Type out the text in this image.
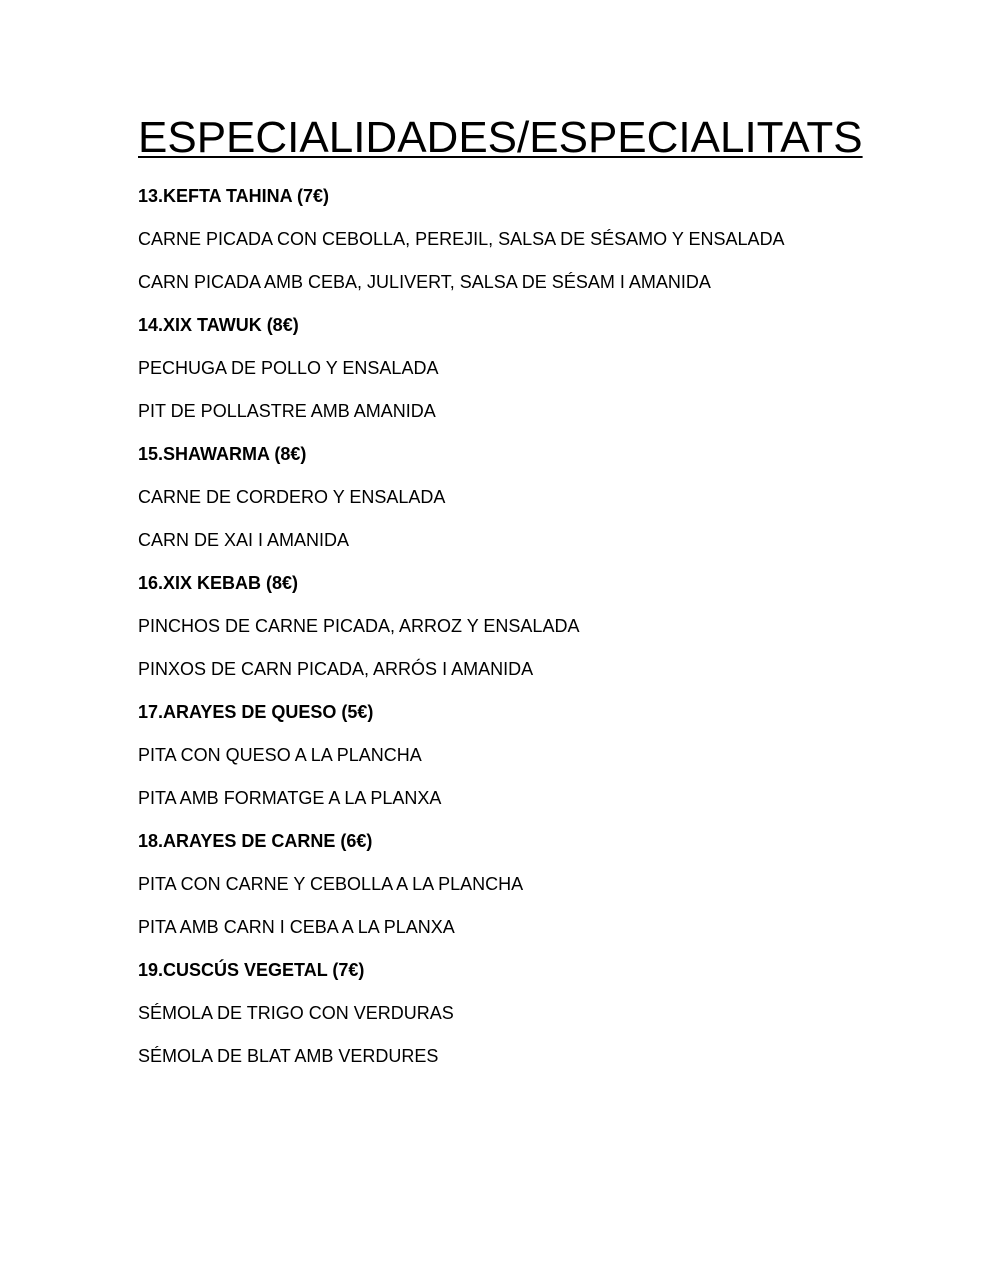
ESPECIALIDADES/ESPECIALITATS
13.KEFTA TAHINA (7€)
CARNE PICADA CON CEBOLLA, PEREJIL, SALSA DE SÉSAMO Y ENSALADA
CARN PICADA AMB CEBA, JULIVERT, SALSA DE SÉSAM I AMANIDA
14.XIX TAWUK (8€)
PECHUGA DE POLLO Y ENSALADA
PIT DE POLLASTRE AMB AMANIDA
15.SHAWARMA (8€)
CARNE DE CORDERO Y ENSALADA
CARN DE XAI I AMANIDA
16.XIX KEBAB (8€)
PINCHOS DE CARNE PICADA, ARROZ Y ENSALADA
PINXOS DE CARN PICADA, ARRÓS I AMANIDA
17.ARAYES DE QUESO (5€)
PITA CON QUESO A LA PLANCHA
PITA AMB FORMATGE A LA PLANXA
18.ARAYES DE CARNE (6€)
PITA CON CARNE Y CEBOLLA A LA PLANCHA
PITA AMB CARN I CEBA A LA PLANXA
19.CUSCÚS VEGETAL (7€)
SÉMOLA DE TRIGO CON VERDURAS
SÉMOLA DE BLAT AMB VERDURES
